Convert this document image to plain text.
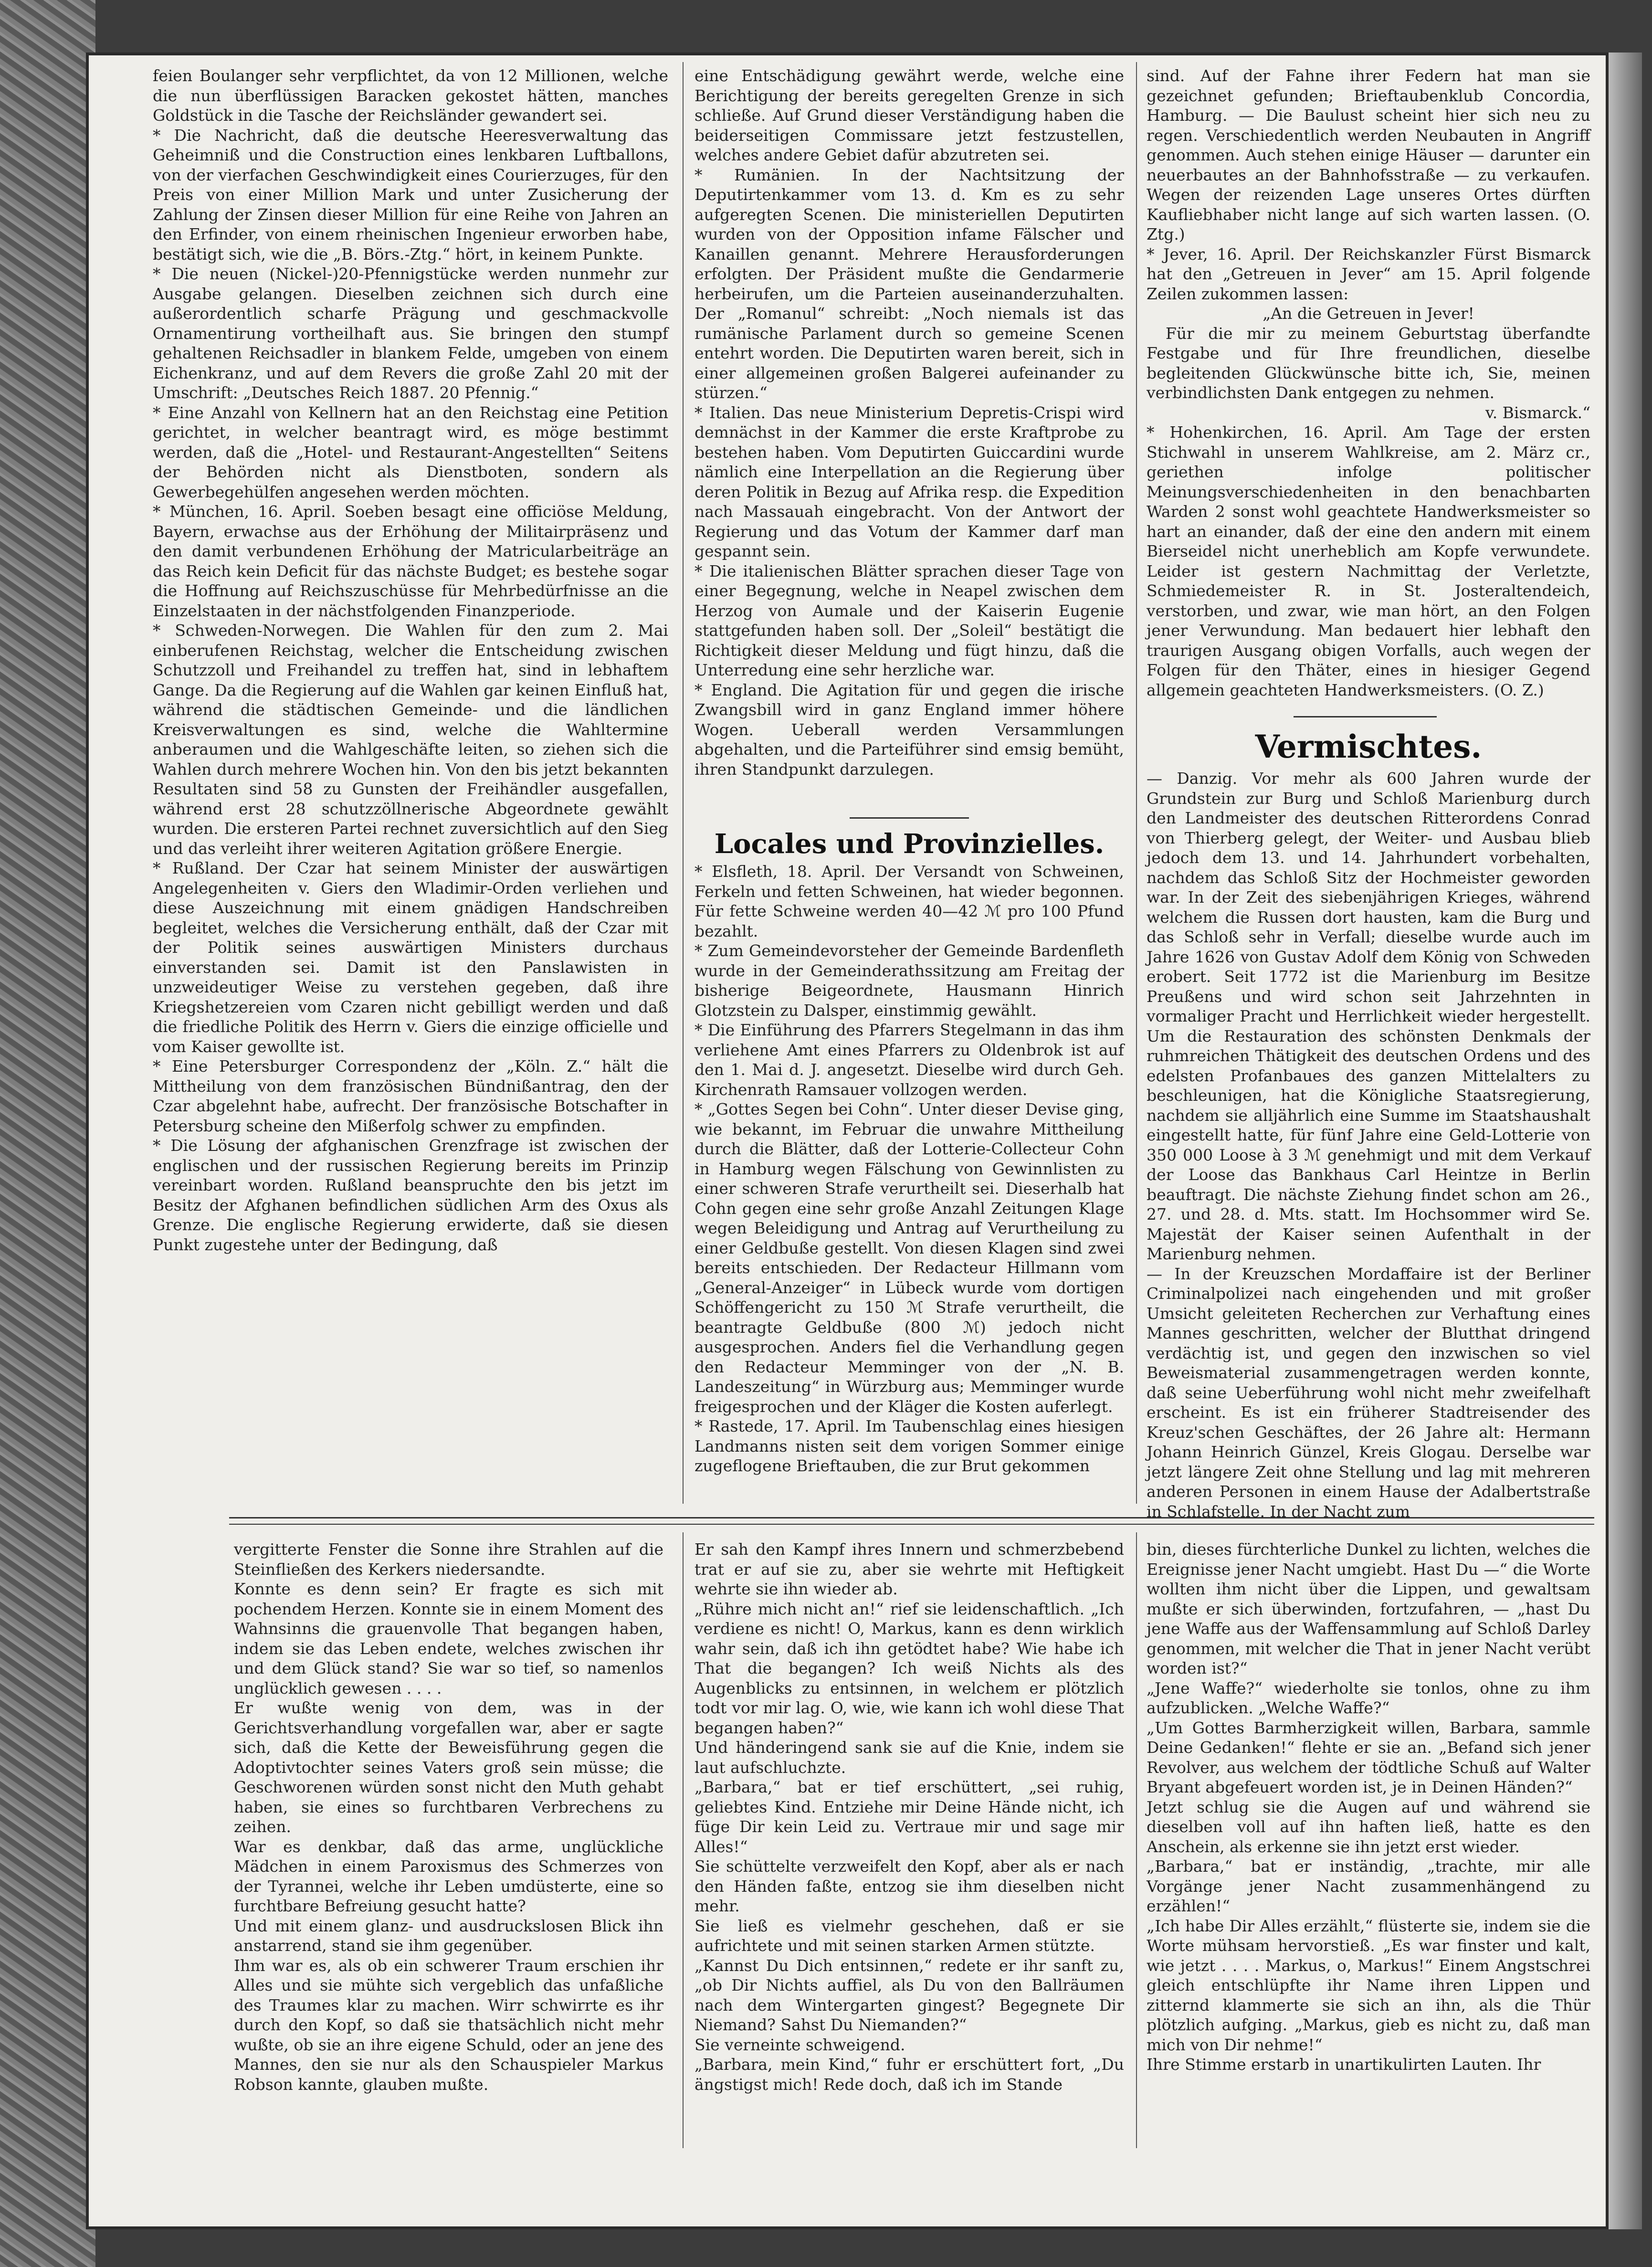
feien Boulanger sehr verpflichtet, da von 12 Millionen, welche die nun überflüssigen Baracken gekostet hätten, manches Goldstück in die Tasche der Reichsländer gewandert sei.

* Die Nachricht, daß die deutsche Heeresverwaltung das Geheimniß und die Construction eines lenkbaren Luftballons, von der vierfachen Geschwindigkeit eines Courierzuges, für den Preis von einer Million Mark und unter Zusicherung der Zahlung der Zinsen dieser Million für eine Reihe von Jahren an den Erfinder, von einem rheinischen Ingenieur erworben habe, bestätigt sich, wie die „B. Börs.-Ztg.“ hört, in keinem Punkte.

* Die neuen (Nickel-)20-Pfennigstücke werden nunmehr zur Ausgabe gelangen. Dieselben zeichnen sich durch eine außerordentlich scharfe Prägung und geschmackvolle Ornamentirung vortheilhaft aus. Sie bringen den stumpf gehaltenen Reichsadler in blankem Felde, umgeben von einem Eichenkranz, und auf dem Revers die große Zahl 20 mit der Umschrift: „Deutsches Reich 1887. 20 Pfennig.“

* Eine Anzahl von Kellnern hat an den Reichstag eine Petition gerichtet, in welcher beantragt wird, es möge bestimmt werden, daß die „Hotel- und Restaurant-Angestellten“ Seitens der Behörden nicht als Dienstboten, sondern als Gewerbegehülfen angesehen werden möchten.

* München, 16. April. Soeben besagt eine officiöse Meldung, Bayern, erwachse aus der Erhöhung der Militairpräsenz und den damit verbundenen Erhöhung der Matricularbeiträge an das Reich kein Deficit für das nächste Budget; es bestehe sogar die Hoffnung auf Reichszuschüsse für Mehrbedürfnisse an die Einzelstaaten in der nächstfolgenden Finanzperiode.

* Schweden-Norwegen. Die Wahlen für den zum 2. Mai einberufenen Reichstag, welcher die Entscheidung zwischen Schutzzoll und Freihandel zu treffen hat, sind in lebhaftem Gange. Da die Regierung auf die Wahlen gar keinen Einfluß hat, während die städtischen Gemeinde- und die ländlichen Kreisverwaltungen es sind, welche die Wahltermine anberaumen und die Wahlgeschäfte leiten, so ziehen sich die Wahlen durch mehrere Wochen hin. Von den bis jetzt bekannten Resultaten sind 58 zu Gunsten der Freihändler ausgefallen, während erst 28 schutzzöllnerische Abgeordnete gewählt wurden. Die ersteren Partei rechnet zuversichtlich auf den Sieg und das verleiht ihrer weiteren Agitation größere Energie.

* Rußland. Der Czar hat seinem Minister der auswärtigen Angelegenheiten v. Giers den Wladimir-Orden verliehen und diese Auszeichnung mit einem gnädigen Handschreiben begleitet, welches die Versicherung enthält, daß der Czar mit der Politik seines auswärtigen Ministers durchaus einverstanden sei. Damit ist den Panslawisten in unzweideutiger Weise zu verstehen gegeben, daß ihre Kriegshetzereien vom Czaren nicht gebilligt werden und daß die friedliche Politik des Herrn v. Giers die einzige officielle und vom Kaiser gewollte ist.

* Eine Petersburger Correspondenz der „Köln. Z.“ hält die Mittheilung von dem französischen Bündnißantrag, den der Czar abgelehnt habe, aufrecht. Der französische Botschafter in Petersburg scheine den Mißerfolg schwer zu empfinden.

* Die Lösung der afghanischen Grenzfrage ist zwischen der englischen und der russischen Regierung bereits im Prinzip vereinbart worden. Rußland beanspruchte den bis jetzt im Besitz der Afghanen befindlichen südlichen Arm des Oxus als Grenze. Die englische Regierung erwiderte, daß sie diesen Punkt zugestehe unter der Bedingung, daß

eine Entschädigung gewährt werde, welche eine Berichtigung der bereits geregelten Grenze in sich schließe. Auf Grund dieser Verständigung haben die beiderseitigen Commissare jetzt festzustellen, welches andere Gebiet dafür abzutreten sei.

* Rumänien. In der Nachtsitzung der Deputirtenkammer vom 13. d. Km es zu sehr aufgeregten Scenen. Die ministeriellen Deputirten wurden von der Opposition infame Fälscher und Kanaillen genannt. Mehrere Herausforderungen erfolgten. Der Präsident mußte die Gendarmerie herbeirufen, um die Parteien auseinanderzuhalten. Der „Romanul“ schreibt: „Noch niemals ist das rumänische Parlament durch so gemeine Scenen entehrt worden. Die Deputirten waren bereit, sich in einer allgemeinen großen Balgerei aufeinander zu stürzen.“

* Italien. Das neue Ministerium Depretis-Crispi wird demnächst in der Kammer die erste Kraftprobe zu bestehen haben. Vom Deputirten Guiccardini wurde nämlich eine Interpellation an die Regierung über deren Politik in Bezug auf Afrika resp. die Expedition nach Massauah eingebracht. Von der Antwort der Regierung und das Votum der Kammer darf man gespannt sein.

* Die italienischen Blätter sprachen dieser Tage von einer Begegnung, welche in Neapel zwischen dem Herzog von Aumale und der Kaiserin Eugenie stattgefunden haben soll. Der „Soleil“ bestätigt die Richtigkeit dieser Meldung und fügt hinzu, daß die Unterredung eine sehr herzliche war.

* England. Die Agitation für und gegen die irische Zwangsbill wird in ganz England immer höhere Wogen. Ueberall werden Versammlungen abgehalten, und die Parteiführer sind emsig bemüht, ihren Standpunkt darzulegen.

Locales und Provinzielles.

* Elsfleth, 18. April. Der Versandt von Schweinen, Ferkeln und fetten Schweinen, hat wieder begonnen. Für fette Schweine werden 40—42 ℳ pro 100 Pfund bezahlt.

* Zum Gemeindevorsteher der Gemeinde Bardenfleth wurde in der Gemeinderathssitzung am Freitag der bisherige Beigeordnete, Hausmann Hinrich Glotzstein zu Dalsper, einstimmig gewählt.

* Die Einführung des Pfarrers Stegelmann in das ihm verliehene Amt eines Pfarrers zu Oldenbrok ist auf den 1. Mai d. J. angesetzt. Dieselbe wird durch Geh. Kirchenrath Ramsauer vollzogen werden.

* „Gottes Segen bei Cohn“. Unter dieser Devise ging, wie bekannt, im Februar die unwahre Mittheilung durch die Blätter, daß der Lotterie-Collecteur Cohn in Hamburg wegen Fälschung von Gewinnlisten zu einer schweren Strafe verurtheilt sei. Dieserhalb hat Cohn gegen eine sehr große Anzahl Zeitungen Klage wegen Beleidigung und Antrag auf Verurtheilung zu einer Geldbuße gestellt. Von diesen Klagen sind zwei bereits entschieden. Der Redacteur Hillmann vom „General-Anzeiger“ in Lübeck wurde vom dortigen Schöffengericht zu 150 ℳ Strafe verurtheilt, die beantragte Geldbuße (800 ℳ) jedoch nicht ausgesprochen. Anders fiel die Verhandlung gegen den Redacteur Memminger von der „N. B. Landeszeitung“ in Würzburg aus; Memminger wurde freigesprochen und der Kläger die Kosten auferlegt.

* Rastede, 17. April. Im Taubenschlag eines hiesigen Landmanns nisten seit dem vorigen Sommer einige zugeflogene Brieftauben, die zur Brut gekommen

sind. Auf der Fahne ihrer Federn hat man sie gezeichnet gefunden; Brieftaubenklub Concordia, Hamburg. — Die Baulust scheint hier sich neu zu regen. Verschiedentlich werden Neubauten in Angriff genommen. Auch stehen einige Häuser — darunter ein neuerbautes an der Bahnhofsstraße — zu verkaufen. Wegen der reizenden Lage unseres Ortes dürften Kaufliebhaber nicht lange auf sich warten lassen. (O. Ztg.)

* Jever, 16. April. Der Reichskanzler Fürst Bismarck hat den „Getreuen in Jever“ am 15. April folgende Zeilen zukommen lassen:

„An die Getreuen in Jever!

Für die mir zu meinem Geburtstag überfandte Festgabe und für Ihre freundlichen, dieselbe begleitenden Glückwünsche bitte ich, Sie, meinen verbindlichsten Dank entgegen zu nehmen.

v. Bismarck.“

* Hohenkirchen, 16. April. Am Tage der ersten Stichwahl in unserem Wahlkreise, am 2. März cr., geriethen infolge politischer Meinungsverschiedenheiten in den benachbarten Warden 2 sonst wohl geachtete Handwerksmeister so hart an einander, daß der eine den andern mit einem Bierseidel nicht unerheblich am Kopfe verwundete. Leider ist gestern Nachmittag der Verletzte, Schmiedemeister R. in St. Josteraltendeich, verstorben, und zwar, wie man hört, an den Folgen jener Verwundung. Man bedauert hier lebhaft den traurigen Ausgang obigen Vorfalls, auch wegen der Folgen für den Thäter, eines in hiesiger Gegend allgemein geachteten Handwerksmeisters. (O. Z.)

Vermischtes.

— Danzig. Vor mehr als 600 Jahren wurde der Grundstein zur Burg und Schloß Marienburg durch den Landmeister des deutschen Ritterordens Conrad von Thierberg gelegt, der Weiter- und Ausbau blieb jedoch dem 13. und 14. Jahrhundert vorbehalten, nachdem das Schloß Sitz der Hochmeister geworden war. In der Zeit des siebenjährigen Krieges, während welchem die Russen dort hausten, kam die Burg und das Schloß sehr in Verfall; dieselbe wurde auch im Jahre 1626 von Gustav Adolf dem König von Schweden erobert. Seit 1772 ist die Marienburg im Besitze Preußens und wird schon seit Jahrzehnten in vormaliger Pracht und Herrlichkeit wieder hergestellt. Um die Restauration des schönsten Denkmals der ruhmreichen Thätigkeit des deutschen Ordens und des edelsten Profanbaues des ganzen Mittelalters zu beschleunigen, hat die Königliche Staatsregierung, nachdem sie alljährlich eine Summe im Staatshaushalt eingestellt hatte, für fünf Jahre eine Geld-Lotterie von 350 000 Loose à 3 ℳ genehmigt und mit dem Verkauf der Loose das Bankhaus Carl Heintze in Berlin beauftragt. Die nächste Ziehung findet schon am 26., 27. und 28. d. Mts. statt. Im Hochsommer wird Se. Majestät der Kaiser seinen Aufenthalt in der Marienburg nehmen.

— In der Kreuzschen Mordaffaire ist der Berliner Criminalpolizei nach eingehenden und mit großer Umsicht geleiteten Recherchen zur Verhaftung eines Mannes geschritten, welcher der Blutthat dringend verdächtig ist, und gegen den inzwischen so viel Beweismaterial zusammengetragen werden konnte, daß seine Ueberführung wohl nicht mehr zweifelhaft erscheint. Es ist ein früherer Stadtreisender des Kreuz'schen Geschäftes, der 26 Jahre alt: Hermann Johann Heinrich Günzel, Kreis Glogau. Derselbe war jetzt längere Zeit ohne Stellung und lag mit mehreren anderen Personen in einem Hause der Adalbertstraße in Schlafstelle. In der Nacht zum

vergitterte Fenster die Sonne ihre Strahlen auf die Steinfließen des Kerkers niedersandte.

Konnte es denn sein? Er fragte es sich mit pochendem Herzen. Konnte sie in einem Moment des Wahnsinns die grauenvolle That begangen haben, indem sie das Leben endete, welches zwischen ihr und dem Glück stand? Sie war so tief, so namenlos unglücklich gewesen . . . .

Er wußte wenig von dem, was in der Gerichtsverhandlung vorgefallen war, aber er sagte sich, daß die Kette der Beweisführung gegen die Adoptivtochter seines Vaters groß sein müsse; die Geschworenen würden sonst nicht den Muth gehabt haben, sie eines so furchtbaren Verbrechens zu zeihen.

War es denkbar, daß das arme, unglückliche Mädchen in einem Paroxismus des Schmerzes von der Tyrannei, welche ihr Leben umdüsterte, eine so furchtbare Befreiung gesucht hatte?

Und mit einem glanz- und ausdruckslosen Blick ihn anstarrend, stand sie ihm gegenüber.

Ihm war es, als ob ein schwerer Traum erschien ihr Alles und sie mühte sich vergeblich das unfaßliche des Traumes klar zu machen. Wirr schwirrte es ihr durch den Kopf, so daß sie thatsächlich nicht mehr wußte, ob sie an ihre eigene Schuld, oder an jene des Mannes, den sie nur als den Schauspieler Markus Robson kannte, glauben mußte.

Er sah den Kampf ihres Innern und schmerzbebend trat er auf sie zu, aber sie wehrte mit Heftigkeit wehrte sie ihn wieder ab.

„Rühre mich nicht an!“ rief sie leidenschaftlich. „Ich verdiene es nicht! O, Markus, kann es denn wirklich wahr sein, daß ich ihn getödtet habe? Wie habe ich That die begangen? Ich weiß Nichts als des Augenblicks zu entsinnen, in welchem er plötzlich todt vor mir lag. O, wie, wie kann ich wohl diese That begangen haben?“

Und händeringend sank sie auf die Knie, indem sie laut aufschluchzte.

„Barbara,“ bat er tief erschüttert, „sei ruhig, geliebtes Kind. Entziehe mir Deine Hände nicht, ich füge Dir kein Leid zu. Vertraue mir und sage mir Alles!“

Sie schüttelte verzweifelt den Kopf, aber als er nach den Händen faßte, entzog sie ihm dieselben nicht mehr.

Sie ließ es vielmehr geschehen, daß er sie aufrichtete und mit seinen starken Armen stützte.

„Kannst Du Dich entsinnen,“ redete er ihr sanft zu, „ob Dir Nichts auffiel, als Du von den Ballräumen nach dem Wintergarten gingest? Begegnete Dir Niemand? Sahst Du Niemanden?“

Sie verneinte schweigend.

„Barbara, mein Kind,“ fuhr er erschüttert fort, „Du ängstigst mich! Rede doch, daß ich im Stande

bin, dieses fürchterliche Dunkel zu lichten, welches die Ereignisse jener Nacht umgiebt. Hast Du —“ die Worte wollten ihm nicht über die Lippen, und gewaltsam mußte er sich überwinden, fortzufahren, — „hast Du jene Waffe aus der Waffensammlung auf Schloß Darley genommen, mit welcher die That in jener Nacht verübt worden ist?“

„Jene Waffe?“ wiederholte sie tonlos, ohne zu ihm aufzublicken. „Welche Waffe?“

„Um Gottes Barmherzigkeit willen, Barbara, sammle Deine Gedanken!“ flehte er sie an. „Befand sich jener Revolver, aus welchem der tödtliche Schuß auf Walter Bryant abgefeuert worden ist, je in Deinen Händen?“

Jetzt schlug sie die Augen auf und während sie dieselben voll auf ihn haften ließ, hatte es den Anschein, als erkenne sie ihn jetzt erst wieder.

„Barbara,“ bat er inständig, „trachte, mir alle Vorgänge jener Nacht zusammenhängend zu erzählen!“

„Ich habe Dir Alles erzählt,“ flüsterte sie, indem sie die Worte mühsam hervorstieß. „Es war finster und kalt, wie jetzt . . . . Markus, o, Markus!“ Einem Angstschrei gleich entschlüpfte ihr Name ihren Lippen und zitternd klammerte sie sich an ihn, als die Thür plötzlich aufging. „Markus, gieb es nicht zu, daß man mich von Dir nehme!“

Ihre Stimme erstarb in unartikulirten Lauten. Ihr
